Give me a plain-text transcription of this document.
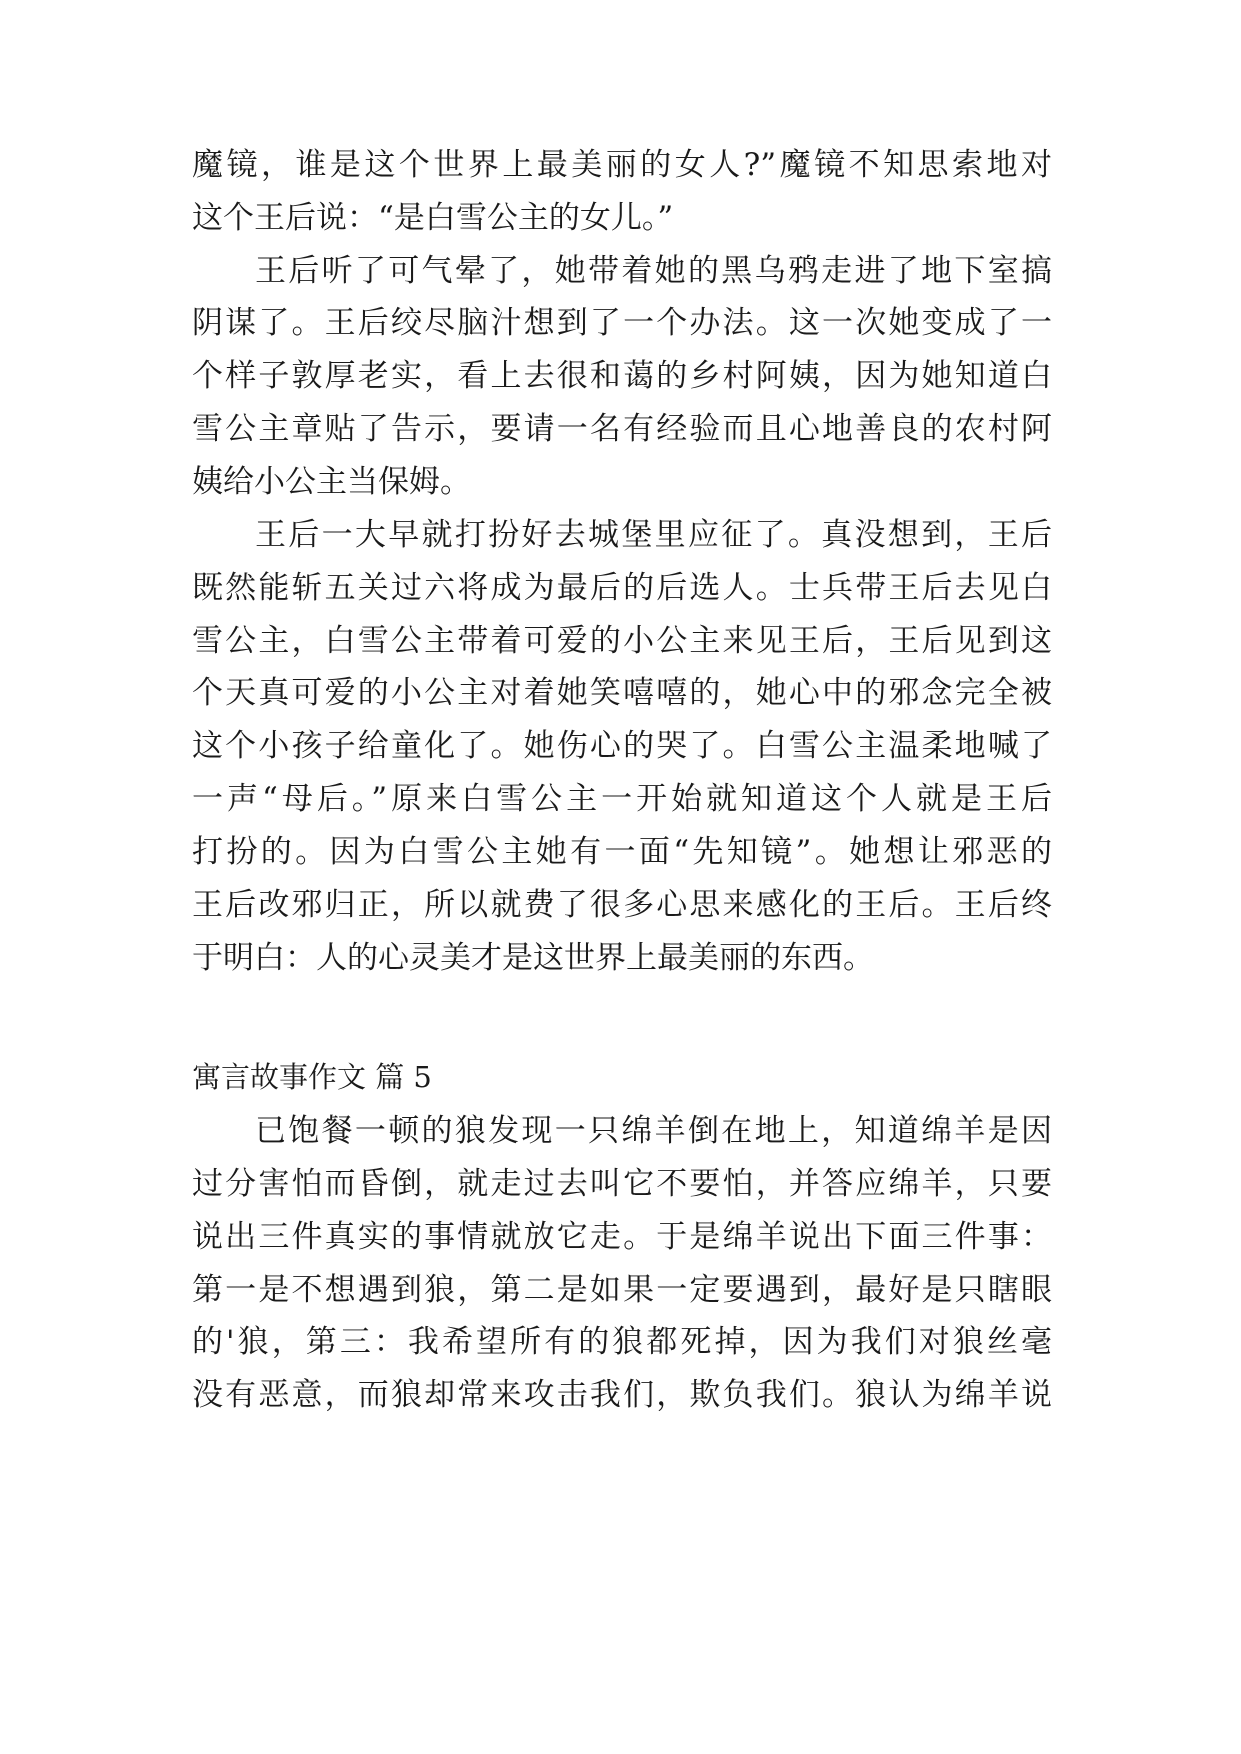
魔镜，谁是这个世界上最美丽的女人?”魔镜不知思索地对
这个王后说：“是白雪公主的女儿。”
王后听了可气晕了，她带着她的黑乌鸦走进了地下室搞
阴谋了。王后绞尽脑汁想到了一个办法。这一次她变成了一
个样子敦厚老实，看上去很和蔼的乡村阿姨，因为她知道白
雪公主章贴了告示，要请一名有经验而且心地善良的农村阿
姨给小公主当保姆。
王后一大早就打扮好去城堡里应征了。真没想到，王后
既然能斩五关过六将成为最后的后选人。士兵带王后去见白
雪公主，白雪公主带着可爱的小公主来见王后，王后见到这
个天真可爱的小公主对着她笑嘻嘻的，她心中的邪念完全被
这个小孩子给童化了。她伤心的哭了。白雪公主温柔地喊了
一声“母后。”原来白雪公主一开始就知道这个人就是王后
打扮的。因为白雪公主她有一面“先知镜”。她想让邪恶的
王后改邪归正，所以就费了很多心思来感化的王后。王后终
于明白：人的心灵美才是这世界上最美丽的东西。
寓言故事作文 篇 5
已饱餐一顿的狼发现一只绵羊倒在地上，知道绵羊是因
过分害怕而昏倒，就走过去叫它不要怕，并答应绵羊，只要
说出三件真实的事情就放它走。于是绵羊说出下面三件事：
第一是不想遇到狼，第二是如果一定要遇到，最好是只瞎眼
的'狼，第三：我希望所有的狼都死掉，因为我们对狼丝毫
没有恶意，而狼却常来攻击我们，欺负我们。狼认为绵羊说
